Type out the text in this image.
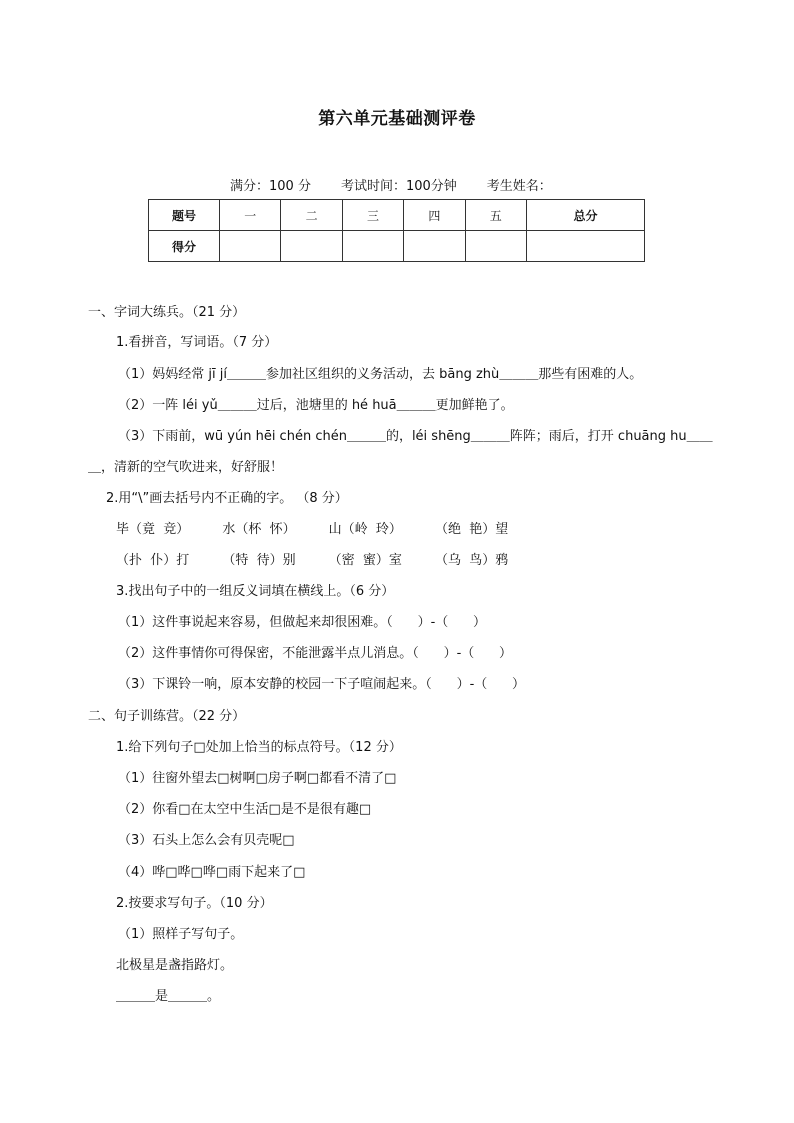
第六单元基础测评卷
满分：100 分 考试时间：100分钟 考生姓名：
题号	一	二	三	四	五	总分
得分						
一、字词大练兵。（21 分）
1.看拼音，写词语。（7 分）
（1）妈妈经常 jī jí＿＿＿参加社区组织的义务活动，去 bāng zhù＿＿＿那些有困难的人。
（2）一阵 léi yǔ＿＿＿过后，池塘里的 hé huā＿＿＿更加鲜艳了。
（3）下雨前，wū yún hēi chén chén＿＿＿的，léi shēng＿＿＿阵阵；雨后，打开 chuāng hu＿＿
＿，清新的空气吹进来，好舒服！
2.用“\”画去括号内不正确的字。 （8 分）
毕（竟  竞）        水（杯  怀）        山（岭  玲）        （绝  艳）望
（扑  仆）打        （特  待）别        （密  蜜）室        （乌  鸟）鸦
3.找出句子中的一组反义词填在横线上。（6 分）
（1）这件事说起来容易，但做起来却很困难。（      ）-（      ）
（2）这件事情你可得保密，不能泄露半点儿消息。（      ）-（      ）
（3）下课铃一响，原本安静的校园一下子喧闹起来。（      ）-（      ）
二、句子训练营。（22 分）
1.给下列句子□处加上恰当的标点符号。（12 分）
（1）往窗外望去□树啊□房子啊□都看不清了□
（2）你看□在太空中生活□是不是很有趣□
（3）石头上怎么会有贝壳呢□
（4）哗□哗□哗□雨下起来了□
2.按要求写句子。（10 分）
（1）照样子写句子。
北极星是盏指路灯。
＿＿＿是＿＿＿。
